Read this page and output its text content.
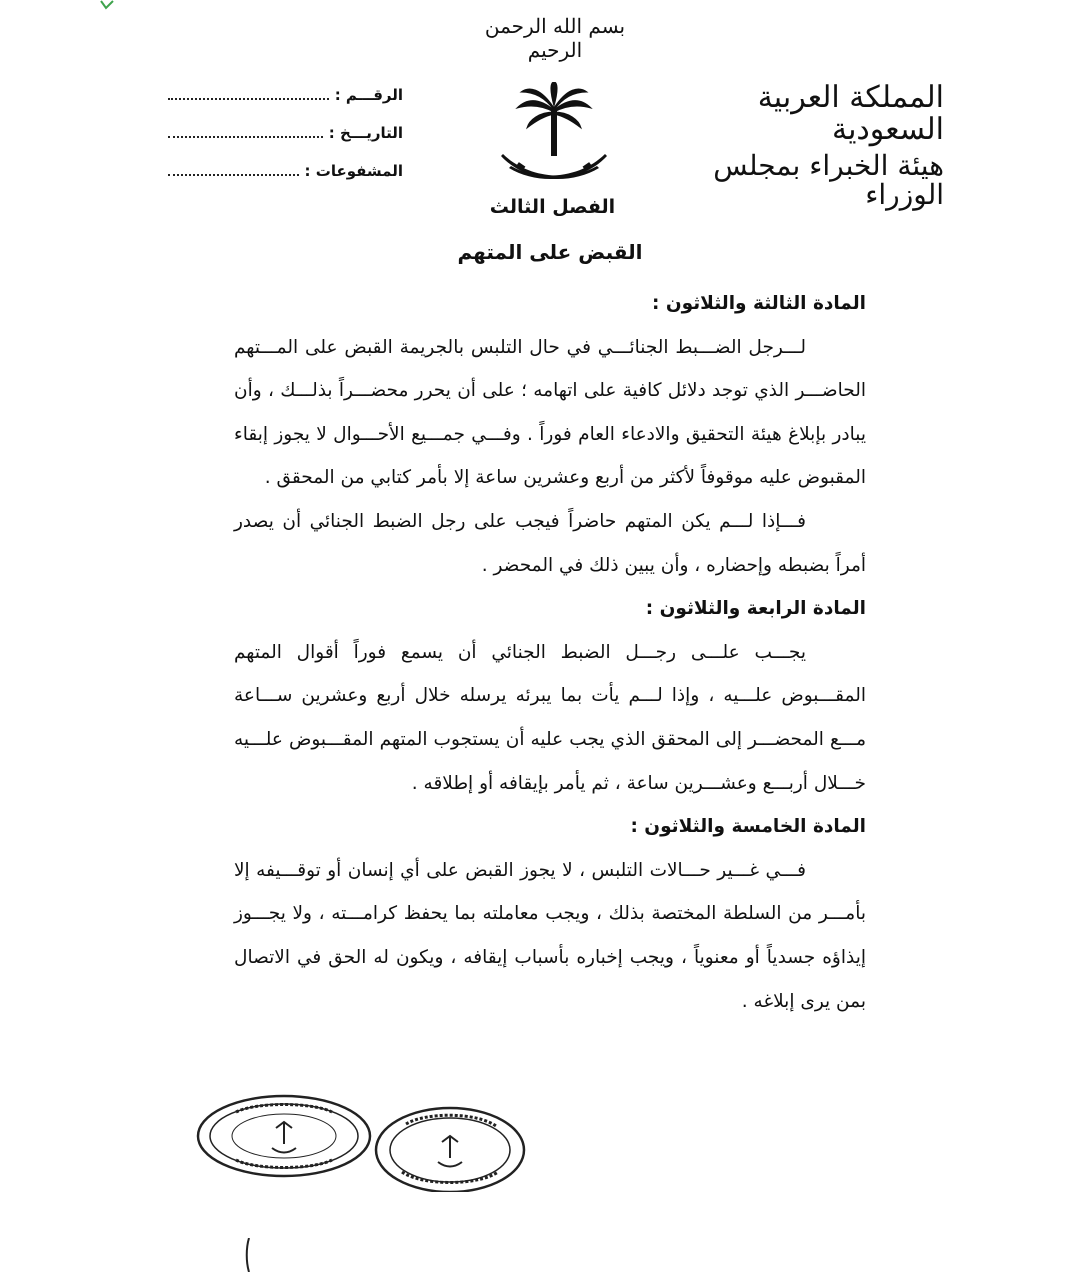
بسم الله الرحمن الرحيم
المملكة العربية السعودية
هيئة الخبراء بمجلس الوزراء
الرقـــم :
التاريـــخ :
المشفوعات :
الفصل الثالث
القبض على المتهم
المادة الثالثة والثلاثون :
لـــرجل الضـــبط الجنائـــي في حال التلبس بالجريمة القبض على المـــتهم الحاضـــر الذي توجد دلائل كافية على اتهامه ؛ على أن يحرر محضـــراً بذلـــك ، وأن يبادر بإبلاغ هيئة التحقيق والادعاء العام فوراً . وفـــي جمـــيع الأحـــوال لا يجوز إبقاء المقبوض عليه موقوفاً لأكثر من أربع وعشرين ساعة إلا بأمر كتابي من المحقق .
فـــإذا لـــم يكن المتهم حاضراً فيجب على رجل الضبط الجنائي أن يصدر أمراً بضبطه وإحضاره ، وأن يبين ذلك في المحضر .
المادة الرابعة والثلاثون :
يجـــب علـــى رجـــل الضبط الجنائي أن يسمع فوراً أقوال المتهم المقـــبوض علـــيه ، وإذا لـــم يأت بما يبرئه يرسله خلال أربع وعشرين ســـاعة مـــع المحضـــر إلى المحقق الذي يجب عليه أن يستجوب المتهم المقـــبوض علـــيه خـــلال أربـــع وعشـــرين ساعة ، ثم يأمر بإيقافه أو إطلاقه .
المادة الخامسة والثلاثون :
فـــي غـــير حـــالات التلبس ، لا يجوز القبض على أي إنسان أو توقـــيفه إلا بأمـــر من السلطة المختصة بذلك ، ويجب معاملته بما يحفظ كرامـــته ، ولا يجـــوز إيذاؤه جسدياً أو معنوياً ، ويجب إخباره بأسباب إيقافه ، ويكون له الحق في الاتصال بمن يرى إبلاغه .
